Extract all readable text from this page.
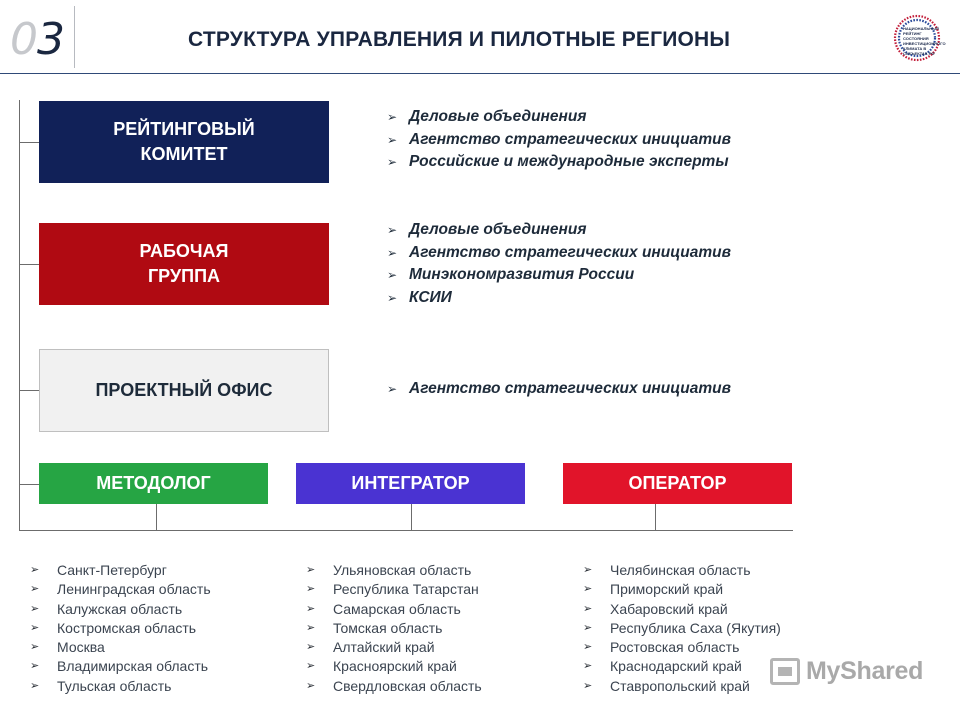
03	СТРУКТУРА УПРАВЛЕНИЯ И ПИЛОТНЫЕ РЕГИОНЫ	НАЦИОНАЛЬНЫЙ РЕЙТИНГ СОСТОЯНИЯ ИНВЕСТИЦИОННОГО КЛИМАТА В СУБЪЕКТАХ РФ
РЕЙТИНГОВЫЙ КОМИТЕТ
РАБОЧАЯ ГРУППА
ПРОЕКТНЫЙ ОФИС
➢ Деловые объединения
➢ Агентство стратегических инициатив
➢ Российские и международные эксперты
➢ Деловые объединения
➢ Агентство стратегических инициатив
➢ Минэкономразвития России
➢ КСИИ
➢ Агентство стратегических инициатив
МЕТОДОЛОГ	ИНТЕГРАТОР	ОПЕРАТОР
➢	Санкт-Петербург
➢	Ленинградская область
➢	Калужская область
➢	Костромская область
➢	Москва
➢	Владимирская область
➢	Тульская область
➢	Ульяновская область
➢	Республика Татарстан
➢	Самарская область
➢	Томская область
➢	Алтайский край
➢	Красноярский край
➢	Свердловская область
➢	Челябинская область
➢	Приморский край
➢	Хабаровский край
➢	Республика Саха (Якутия)
➢	Ростовская область
➢	Краснодарский край
➢	Ставропольский край
MyShared
